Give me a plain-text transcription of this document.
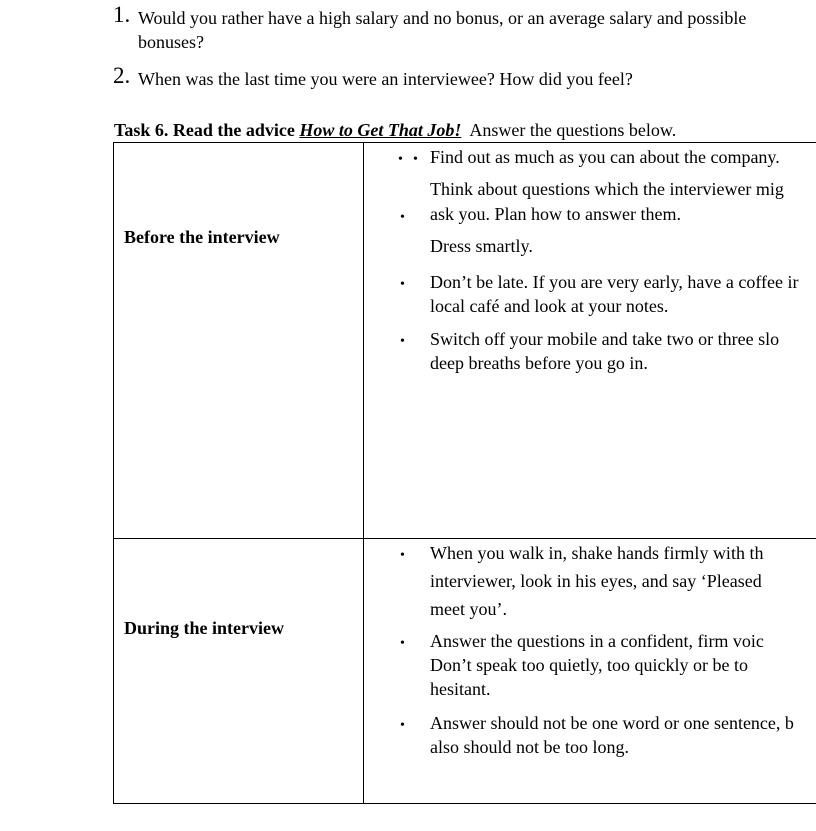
1. Would you rather have a high salary and no bonus, or an average salary and possible
bonuses?
2. When was the last time you were an interviewee? How did you feel?
Task 6. Read the advice How to Get That Job! Answer the questions below.
Before the interview
• • Find out as much as you can about the company.
Think about questions which the interviewer mig
• ask you. Plan how to answer them.
Dress smartly.
• Don’t be late. If you are very early, have a coffee ir
local café and look at your notes.
• Switch off your mobile and take two or three slo
deep breaths before you go in.
During the interview
• When you walk in, shake hands firmly with th
interviewer, look in his eyes, and say ‘Pleased
meet you’.
• Answer the questions in a confident, firm voic
Don’t speak too quietly, too quickly or be to
hesitant.
• Answer should not be one word or one sentence, b
also should not be too long.
